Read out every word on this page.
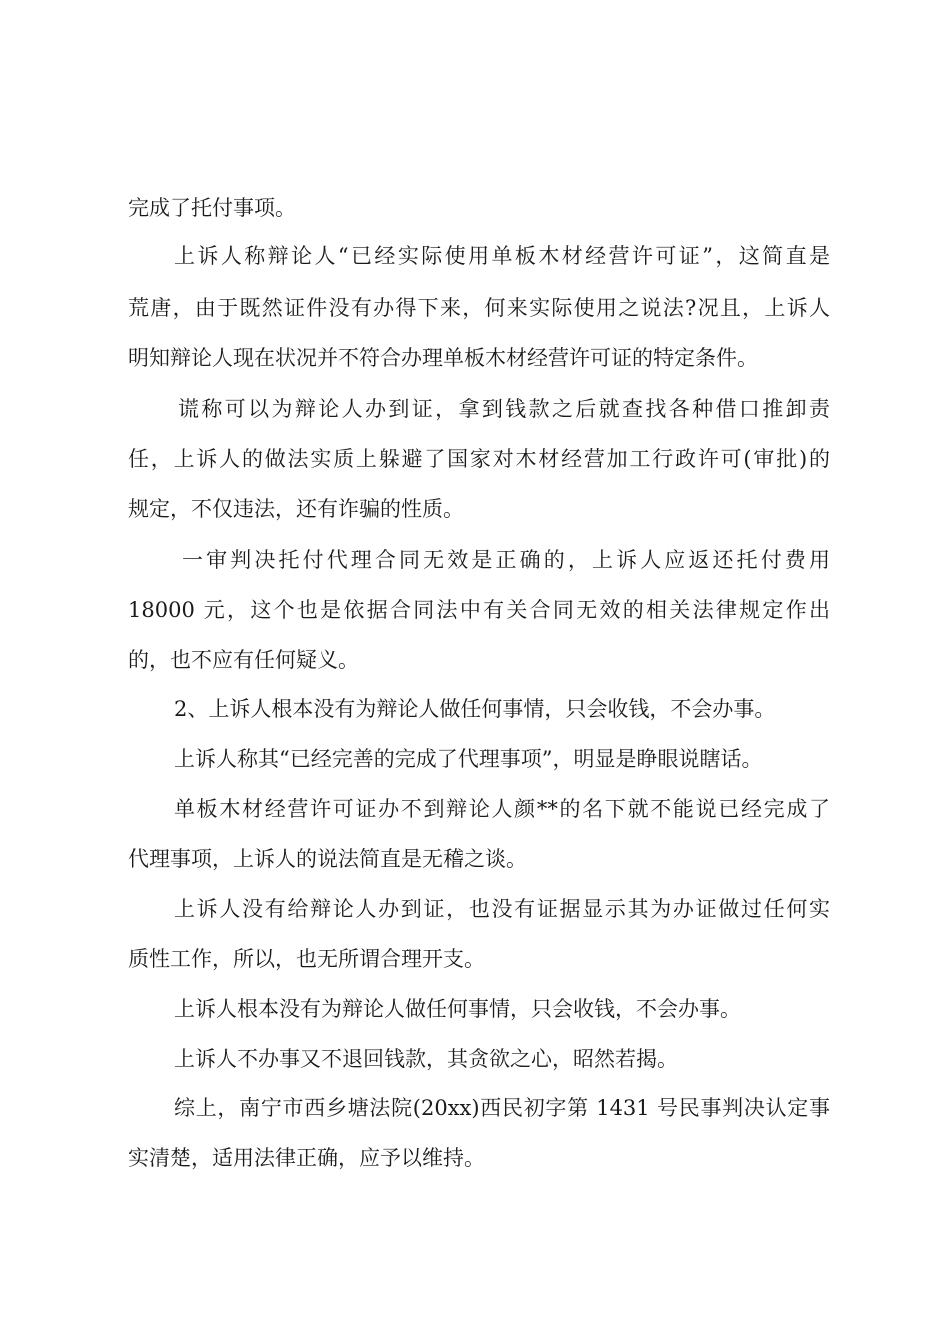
完成了托付事项。

上诉人称辩论人“已经实际使用单板木材经营许可证”，这简直是

荒唐，由于既然证件没有办得下来，何来实际使用之说法?况且，上诉人

明知辩论人现在状况并不符合办理单板木材经营许可证的特定条件。

谎称可以为辩论人办到证，拿到钱款之后就查找各种借口推卸责

任，上诉人的做法实质上躲避了国家对木材经营加工行政许可(审批)的

规定，不仅违法，还有诈骗的性质。

一审判决托付代理合同无效是正确的，上诉人应返还托付费用

18000 元，这个也是依据合同法中有关合同无效的相关法律规定作出

的，也不应有任何疑义。

2、上诉人根本没有为辩论人做任何事情，只会收钱，不会办事。

上诉人称其“已经完善的完成了代理事项”，明显是睁眼说瞎话。

单板木材经营许可证办不到辩论人颜**的名下就不能说已经完成了

代理事项，上诉人的说法简直是无稽之谈。

上诉人没有给辩论人办到证，也没有证据显示其为办证做过任何实

质性工作，所以，也无所谓合理开支。

上诉人根本没有为辩论人做任何事情，只会收钱，不会办事。

上诉人不办事又不退回钱款，其贪欲之心，昭然若揭。

综上，南宁市西乡塘法院(20xx)西民初字第 1431 号民事判决认定事

实清楚，适用法律正确，应予以维持。
